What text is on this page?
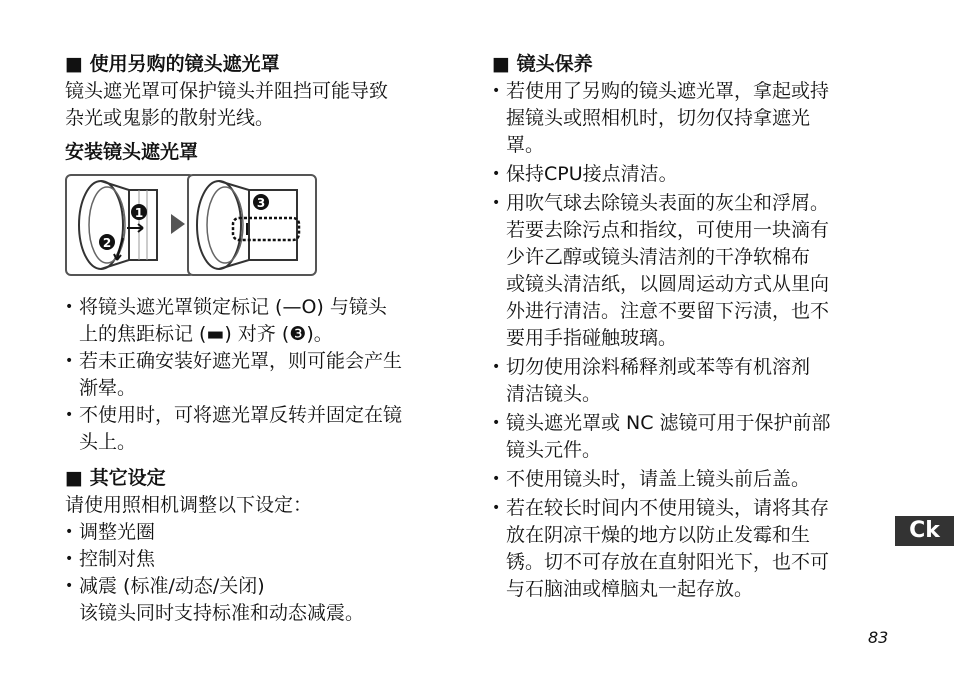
■ 使用另购的镜头遮光罩

镜头遮光罩可保护镜头并阻挡可能导致

杂光或鬼影的散射光线。

安装镜头遮光罩
1
2
3
• 将镜头遮光罩锁定标记 (—O) 与镜头
上的焦距标记 (▬) 对齐 (❸)。
• 若未正确安装好遮光罩，则可能会产生
渐晕。
• 不使用时，可将遮光罩反转并固定在镜
头上。
■ 其它设定

请使用照相机调整以下设定：

• 调整光圈
• 控制对焦
• 减震 (标准/动态/关闭)
该镜头同时支持标准和动态减震。
■ 镜头保养
• 若使用了另购的镜头遮光罩，拿起或持
握镜头或照相机时，切勿仅持拿遮光
罩。
• 保持CPU接点清洁。
• 用吹气球去除镜头表面的灰尘和浮屑。
若要去除污点和指纹，可使用一块滴有
少许乙醇或镜头清洁剂的干净软棉布
或镜头清洁纸，以圆周运动方式从里向
外进行清洁。注意不要留下污渍，也不
要用手指碰触玻璃。
• 切勿使用涂料稀释剂或苯等有机溶剂
清洁镜头。
• 镜头遮光罩或 NC 滤镜可用于保护前部
镜头元件。
• 不使用镜头时，请盖上镜头前后盖。
• 若在较长时间内不使用镜头，请将其存
放在阴凉干燥的地方以防止发霉和生
锈。切不可存放在直射阳光下，也不可
与石脑油或樟脑丸一起存放。
Ck
83
